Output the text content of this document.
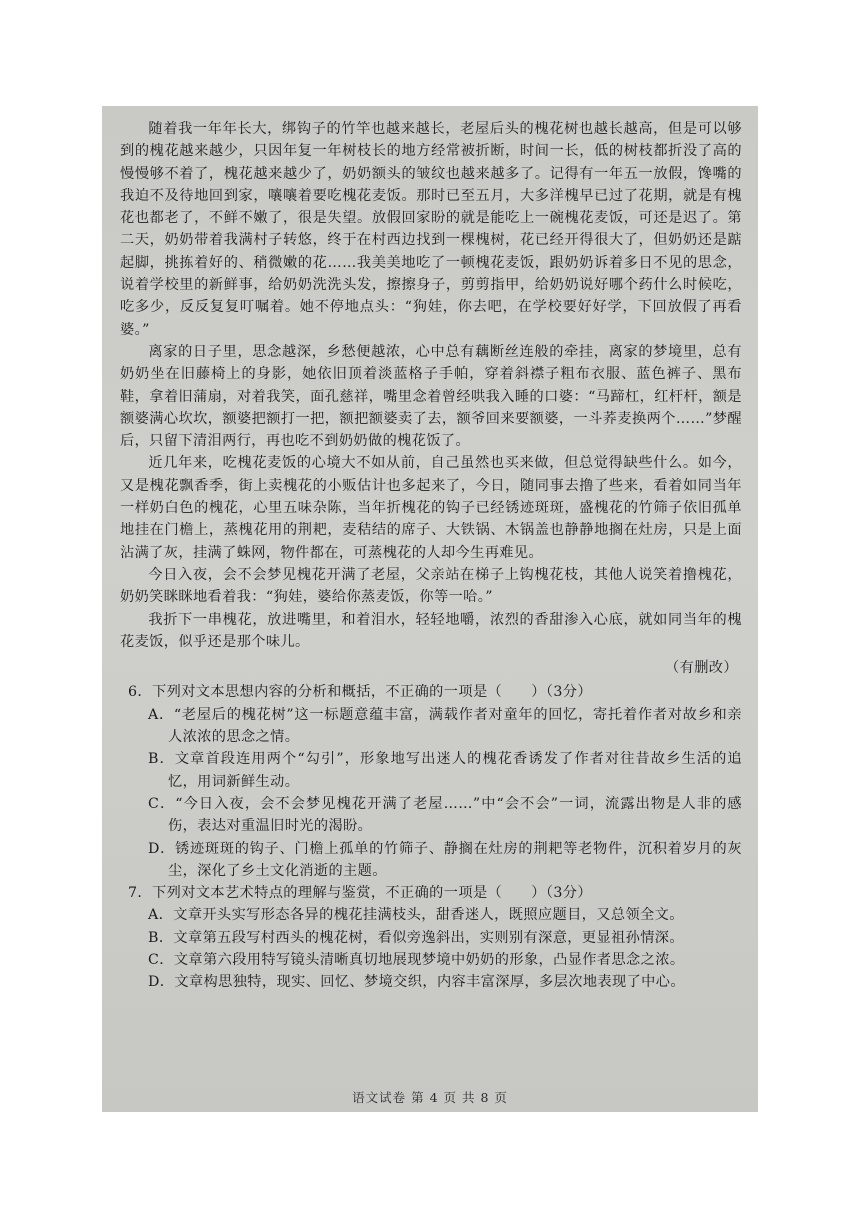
随着我一年年长大，绑钩子的竹竿也越来越长，老屋后头的槐花树也越长越高，但是可以够到的槐花越来越少，只因年复一年树枝长的地方经常被折断，时间一长，低的树枝都折没了高的慢慢够不着了，槐花越来越少了，奶奶额头的皱纹也越来越多了。记得有一年五一放假，馋嘴的我迫不及待地回到家，嚷嚷着要吃槐花麦饭。那时已至五月，大多洋槐早已过了花期，就是有槐花也都老了，不鲜不嫩了，很是失望。放假回家盼的就是能吃上一碗槐花麦饭，可还是迟了。第二天，奶奶带着我满村子转悠，终于在村西边找到一棵槐树，花已经开得很大了，但奶奶还是踮起脚，挑拣着好的、稍微嫩的花……我美美地吃了一顿槐花麦饭，跟奶奶诉着多日不见的思念，说着学校里的新鲜事，给奶奶洗洗头发，擦擦身子，剪剪指甲，给奶奶说好哪个药什么时候吃，吃多少，反反复复叮嘱着。她不停地点头：“狗娃，你去吧，在学校要好好学，下回放假了再看婆。”

离家的日子里，思念越深，乡愁便越浓，心中总有藕断丝连般的牵挂，离家的梦境里，总有奶奶坐在旧藤椅上的身影，她依旧顶着淡蓝格子手帕，穿着斜襟子粗布衣服、蓝色裤子、黑布鞋，拿着旧蒲扇，对着我笑，面孔慈祥，嘴里念着曾经哄我入睡的口婆：“马蹄杠，红杆杆，额是额婆满心坎坎，额婆把额打一把，额把额婆卖了去，额爷回来要额婆，一斗荞麦换两个……”梦醒后，只留下清泪两行，再也吃不到奶奶做的槐花饭了。

近几年来，吃槐花麦饭的心境大不如从前，自己虽然也买来做，但总觉得缺些什么。如今，又是槐花飘香季，街上卖槐花的小贩估计也多起来了，今日，随同事去撸了些来，看着如同当年一样奶白色的槐花，心里五味杂陈，当年折槐花的钩子已经锈迹斑斑，盛槐花的竹筛子依旧孤单地挂在门檐上，蒸槐花用的荆耙，麦秸结的席子、大铁锅、木锅盖也静静地搁在灶房，只是上面沾满了灰，挂满了蛛网，物件都在，可蒸槐花的人却今生再难见。

今日入夜，会不会梦见槐花开满了老屋，父亲站在梯子上钩槐花枝，其他人说笑着撸槐花，奶奶笑眯眯地看着我：“狗娃，婆给你蒸麦饭，你等一哈。”

我折下一串槐花，放进嘴里，和着泪水，轻轻地嚼，浓烈的香甜渗入心底，就如同当年的槐花麦饭，似乎还是那个味儿。

（有删改）

6．下列对文本思想内容的分析和概括，不正确的一项是（　　）（3分）

A．“老屋后的槐花树”这一标题意蕴丰富，满载作者对童年的回忆，寄托着作者对故乡和亲人浓浓的思念之情。

B．文章首段连用两个“勾引”，形象地写出迷人的槐花香诱发了作者对往昔故乡生活的追忆，用词新鲜生动。

C．“今日入夜，会不会梦见槐花开满了老屋……”中“会不会”一词，流露出物是人非的感伤，表达对重温旧时光的渴盼。

D．锈迹斑斑的钩子、门檐上孤单的竹筛子、静搁在灶房的荆耙等老物件，沉积着岁月的灰尘，深化了乡土文化消逝的主题。

7．下列对文本艺术特点的理解与鉴赏，不正确的一项是（　　）（3分）

A．文章开头实写形态各异的槐花挂满枝头，甜香迷人，既照应题目，又总领全文。

B．文章第五段写村西头的槐花树，看似旁逸斜出，实则别有深意，更显祖孙情深。

C．文章第六段用特写镜头清晰真切地展现梦境中奶奶的形象，凸显作者思念之浓。

D．文章构思独特，现实、回忆、梦境交织，内容丰富深厚，多层次地表现了中心。

语文试卷 第 4 页 共 8 页
